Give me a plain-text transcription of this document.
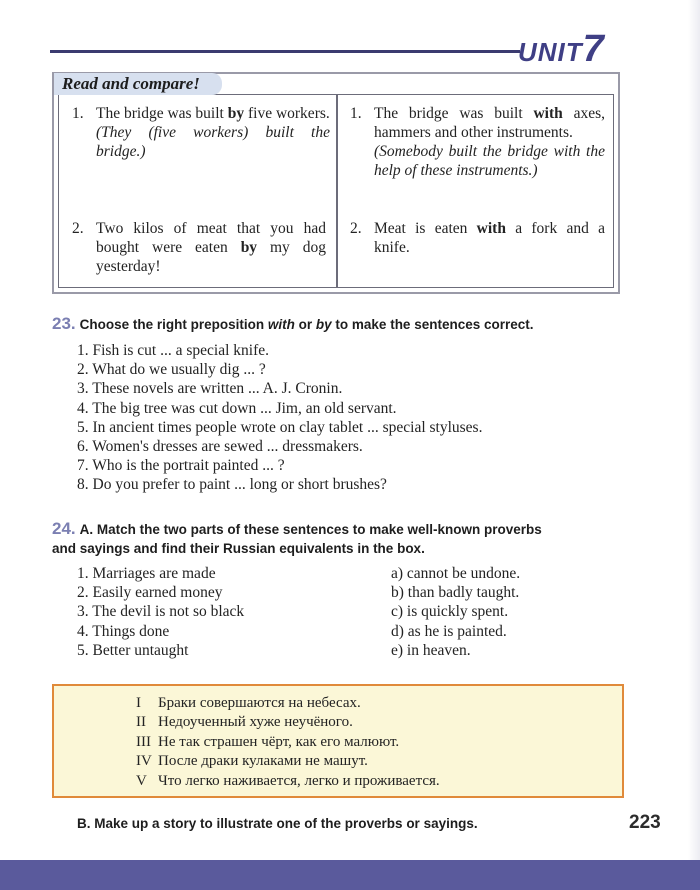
UNIT7
Read and compare!
1. The bridge was built by five workers.

(They (five workers) built the bridge.)

2. Two kilos of meat that you had bought were eaten by my dog yesterday!

1. The bridge was built with axes, hammers and other instruments.

(Somebody built the bridge with the help of these instruments.)

2. Meat is eaten with a fork and a knife.

23. Choose the right preposition with or by to make the sentences correct.
1. Fish is cut ... a special knife.
2. What do we usually dig ... ?
3. These novels are written ... A. J. Cronin.
4. The big tree was cut down ... Jim, an old servant.
5. In ancient times people wrote on clay tablet ... special styluses.
6. Women's dresses are sewed ... dressmakers.
7. Who is the portrait painted ... ?
8. Do you prefer to paint ... long or short brushes?
24. A. Match the two parts of these sentences to make well-known proverbs
and sayings and find their Russian equivalents in the box.
1. Marriages are made
2. Easily earned money
3. The devil is not so black
4. Things done
5. Better untaught
a) cannot be undone.
b) than badly taught.
c) is quickly spent.
d) as he is painted.
e) in heaven.
I Браки совершаются на небесах.
II Недоученный хуже неучёного.
III Не так страшен чёрт, как его малюют.
IV После драки кулаками не машут.
V Что легко наживается, легко и проживается.
B. Make up a story to illustrate one of the proverbs or sayings.	223
